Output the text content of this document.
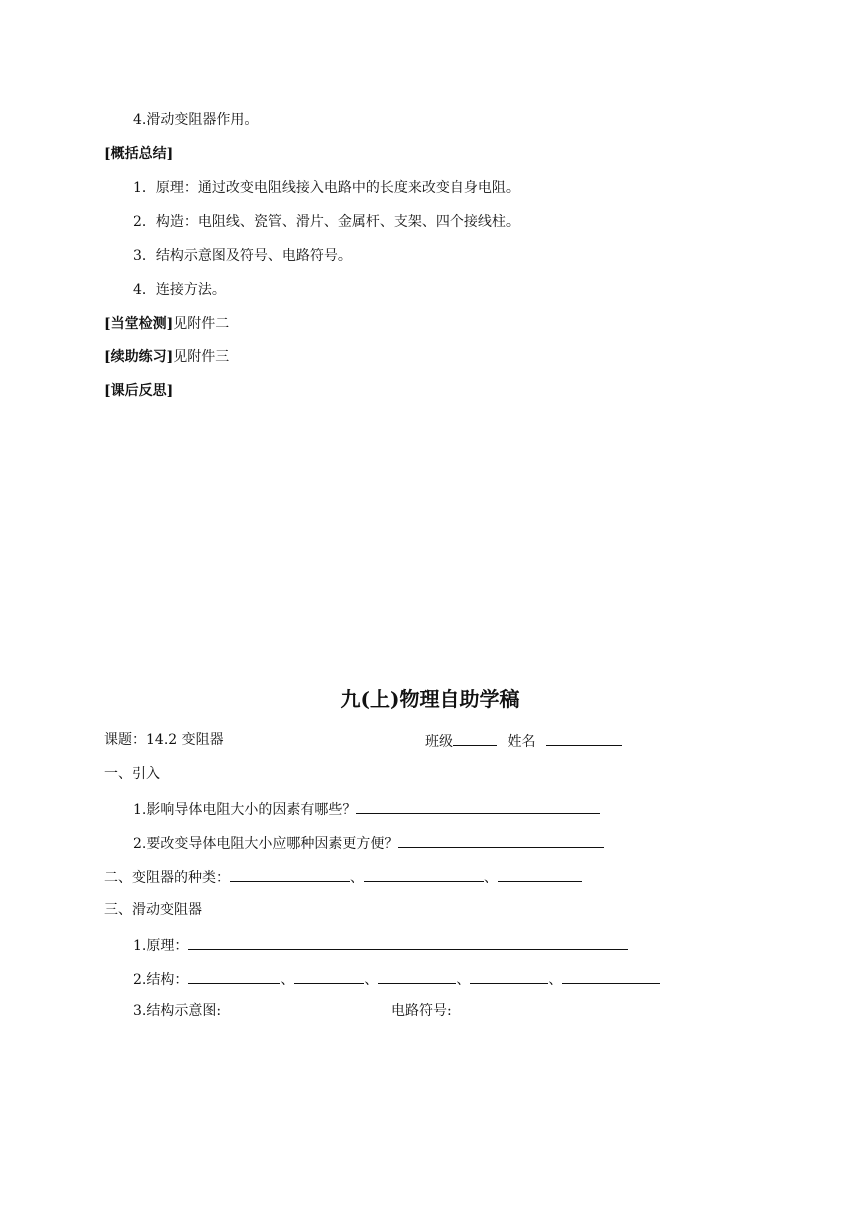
4.滑动变阻器作用。
[概括总结]
1．原理：通过改变电阻线接入电路中的长度来改变自身电阻。
2．构造：电阻线、瓷管、滑片、金属杆、支架、四个接线柱。
3．结构示意图及符号、电路符号。
4．连接方法。
[当堂检测]见附件二
[续助练习]见附件三
[课后反思]
九(上)物理自助学稿
课题：14.2 变阻器	班级	姓名
一、引入
1.影响导体电阻大小的因素有哪些？
2.要改变导体电阻大小应哪种因素更方便？
二、变阻器的种类：	、	、
三、滑动变阻器
1.原理：
2.结构：	、	、	、	、
3.结构示意图:	电路符号:
